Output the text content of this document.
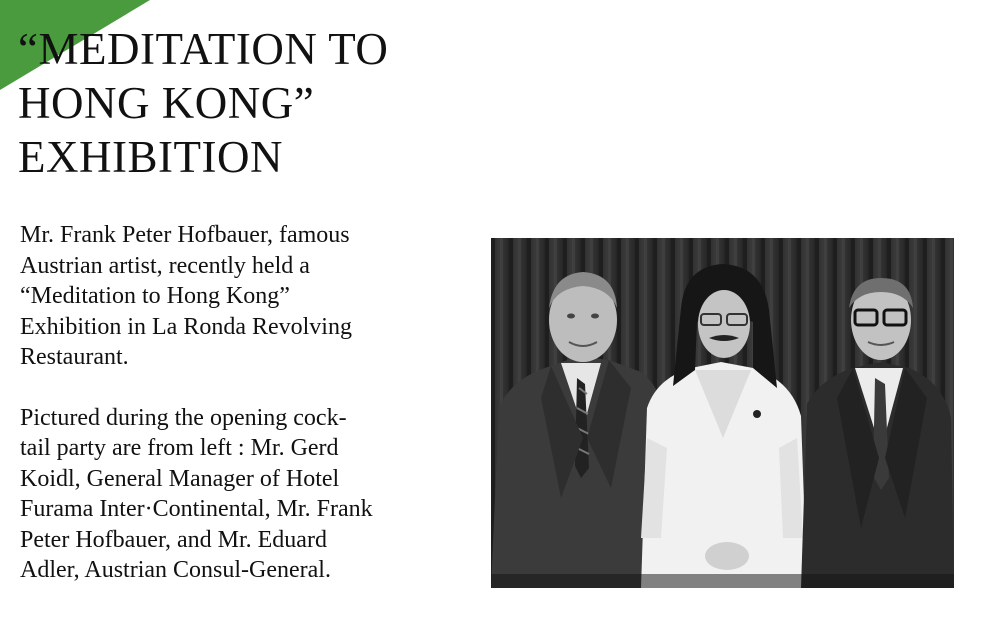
“MEDITATION TO
HONG KONG”
EXHIBITION

Mr. Frank Peter Hofbauer, famous
Austrian artist, recently held a
“Meditation to Hong Kong”
Exhibition in La Ronda Revolving
Restaurant.

Pictured during the opening cock-
tail party are from left : Mr. Gerd
Koidl, General Manager of Hotel
Furama Inter·Continental, Mr. Frank
Peter Hofbauer, and Mr. Eduard
Adler, Austrian Consul-General.
